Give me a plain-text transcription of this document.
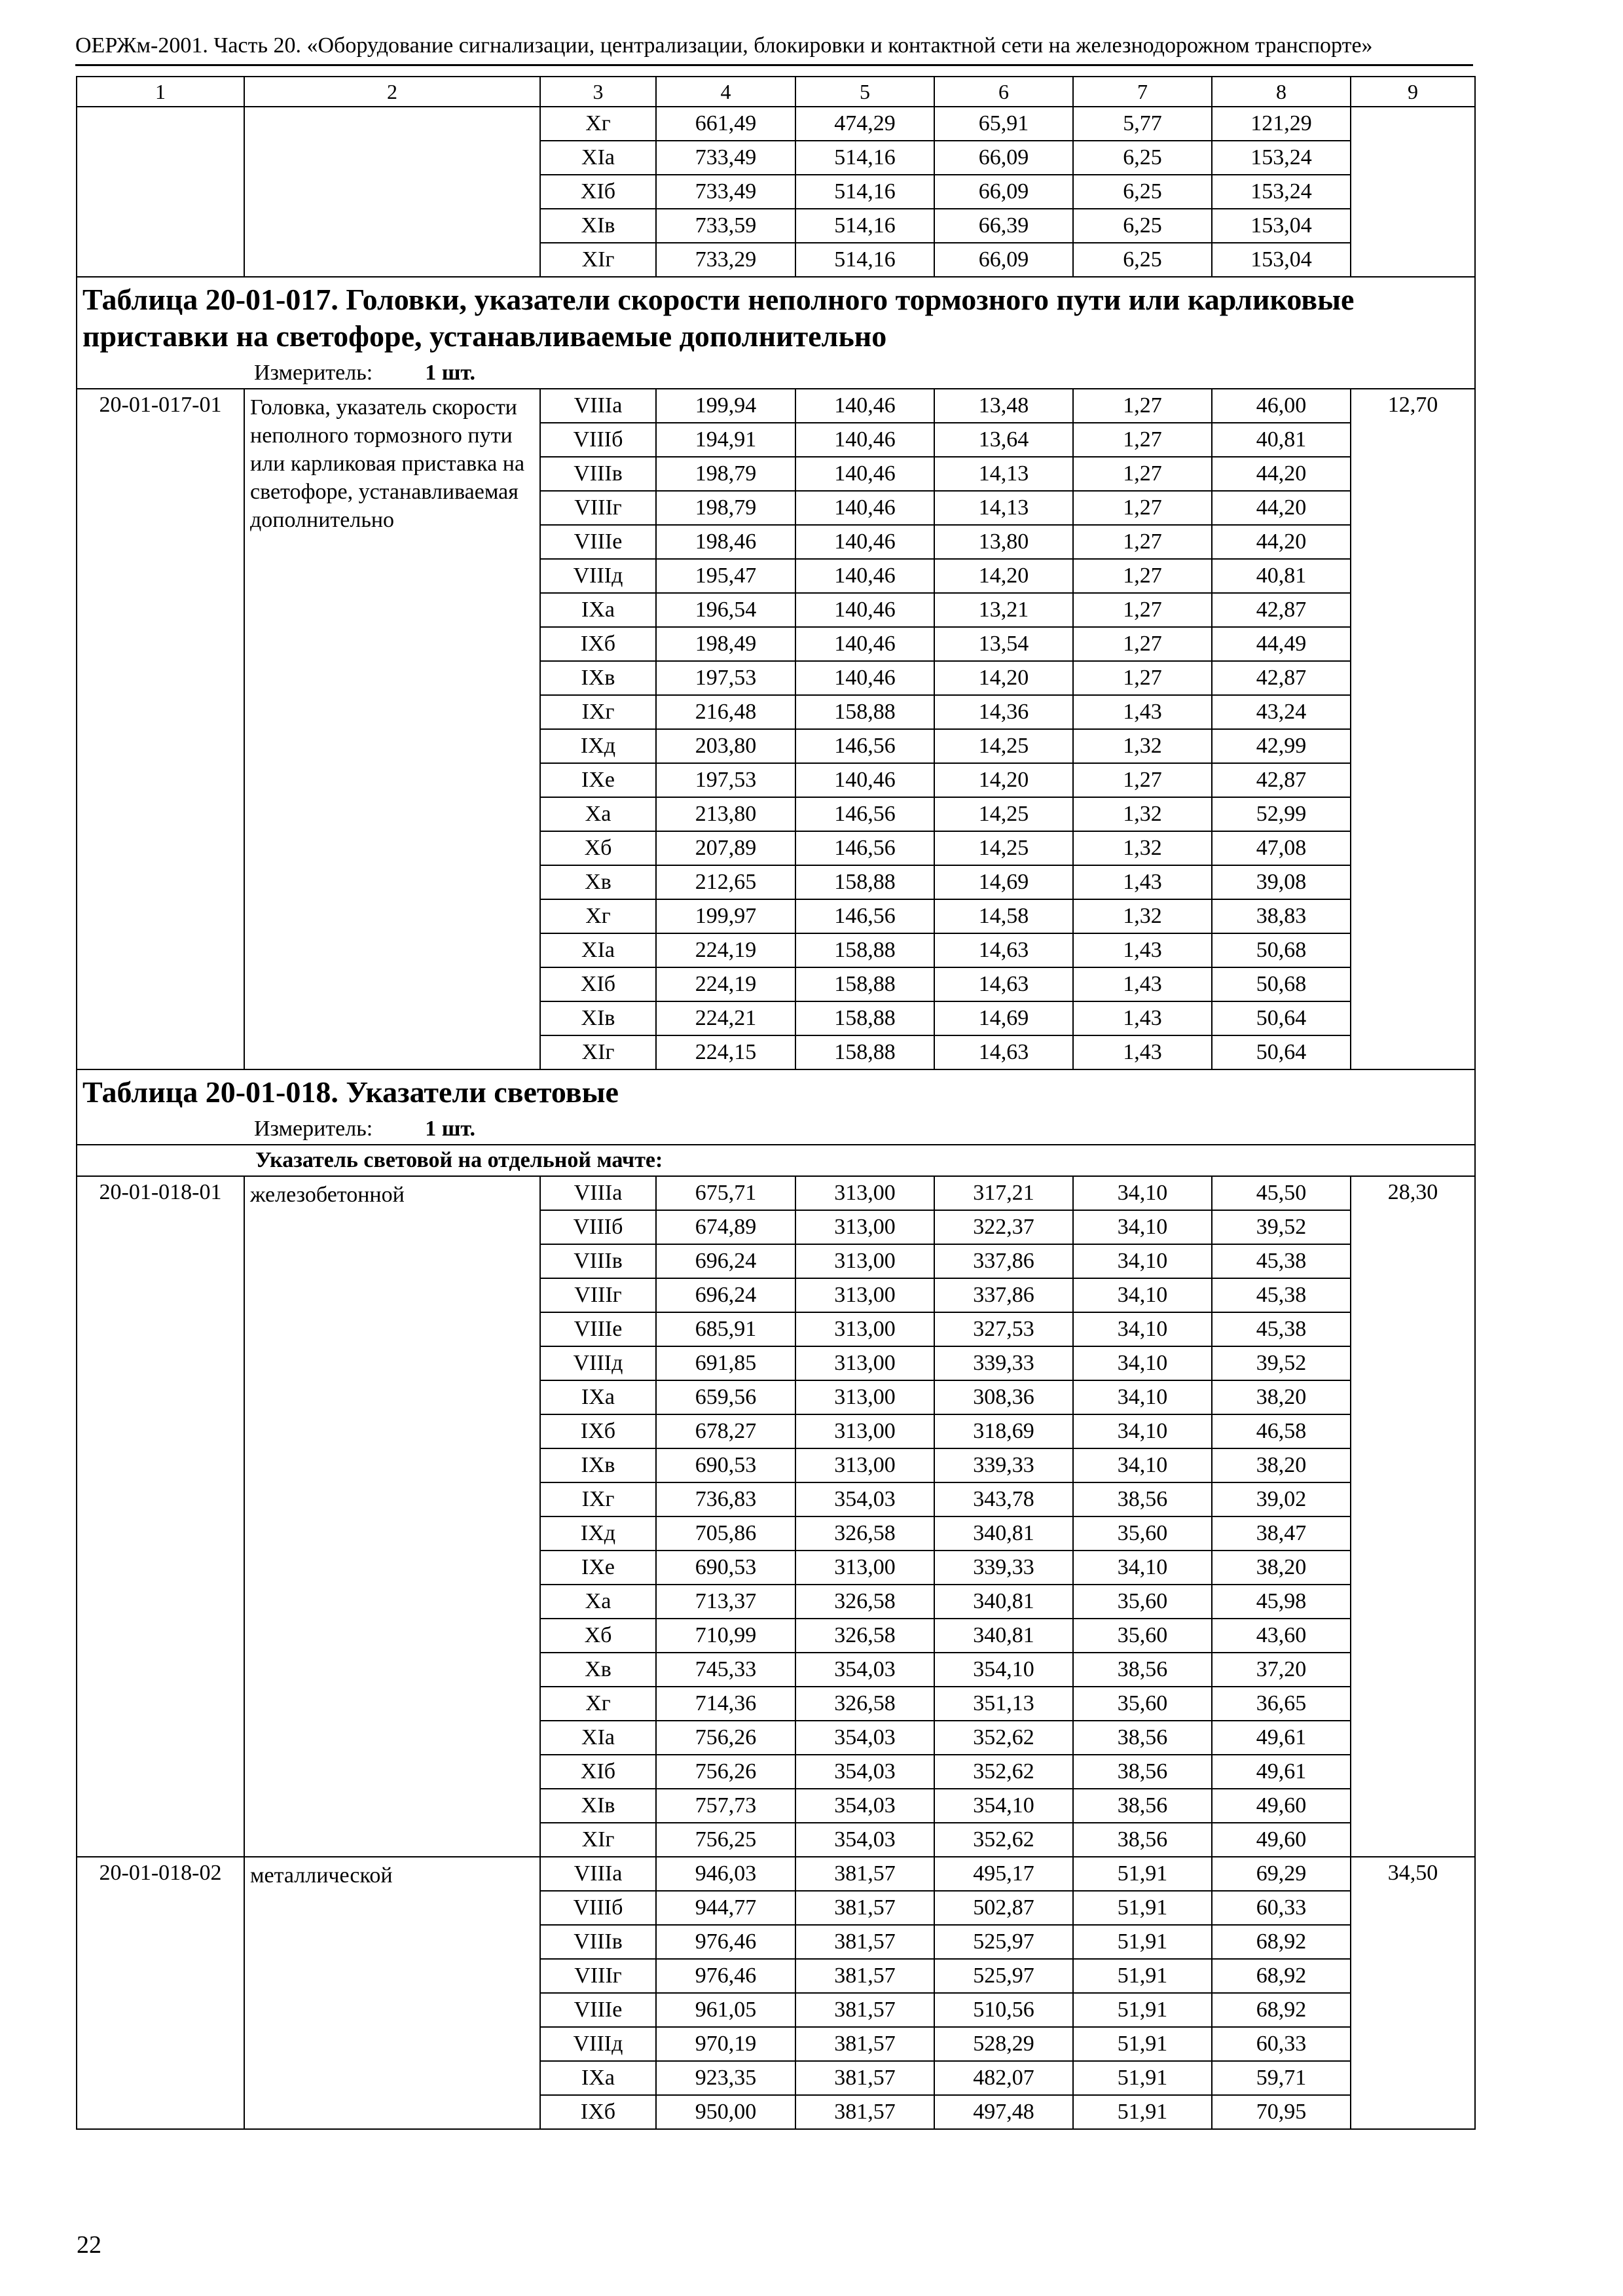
ОЕРЖм-2001. Часть 20. «Оборудование сигнализации, централизации, блокировки и контактной сети на железнодорожном транспорте»
1	2	3	4	5	6	7	8	9
		Хг	661,49	474,29	65,91	5,77	121,29	
		ХIа	733,49	514,16	66,09	6,25	153,24	
		ХIб	733,49	514,16	66,09	6,25	153,24	
		ХIв	733,59	514,16	66,39	6,25	153,04	
		ХIг	733,29	514,16	66,09	6,25	153,04	
Таблица 20-01-017. Головки, указатели скорости неполного тормозного пути или карликовые приставки на светофоре, устанавливаемые дополнительно								
Измеритель: 1 шт.								
20-01-017-01	Головка, указатель скорости неполного тормозного пути или карликовая приставка на светофоре, устанавливаемая дополнительно	VIIIа	199,94	140,46	13,48	1,27	46,00	12,70
		VIIIб	194,91	140,46	13,64	1,27	40,81	
		VIIIв	198,79	140,46	14,13	1,27	44,20	
		VIIIг	198,79	140,46	14,13	1,27	44,20	
		VIIIе	198,46	140,46	13,80	1,27	44,20	
		VIIIд	195,47	140,46	14,20	1,27	40,81	
		IХа	196,54	140,46	13,21	1,27	42,87	
		IХб	198,49	140,46	13,54	1,27	44,49	
		IХв	197,53	140,46	14,20	1,27	42,87	
		IХг	216,48	158,88	14,36	1,43	43,24	
		IХд	203,80	146,56	14,25	1,32	42,99	
		IХе	197,53	140,46	14,20	1,27	42,87	
		Ха	213,80	146,56	14,25	1,32	52,99	
		Хб	207,89	146,56	14,25	1,32	47,08	
		Хв	212,65	158,88	14,69	1,43	39,08	
		Хг	199,97	146,56	14,58	1,32	38,83	
		ХIа	224,19	158,88	14,63	1,43	50,68	
		ХIб	224,19	158,88	14,63	1,43	50,68	
		ХIв	224,21	158,88	14,69	1,43	50,64	
		ХIг	224,15	158,88	14,63	1,43	50,64	
Таблица 20-01-018. Указатели световые								
Измеритель: 1 шт.								
Указатель световой на отдельной мачте:								
20-01-018-01	железобетонной	VIIIа	675,71	313,00	317,21	34,10	45,50	28,30
		VIIIб	674,89	313,00	322,37	34,10	39,52	
		VIIIв	696,24	313,00	337,86	34,10	45,38	
		VIIIг	696,24	313,00	337,86	34,10	45,38	
		VIIIе	685,91	313,00	327,53	34,10	45,38	
		VIIIд	691,85	313,00	339,33	34,10	39,52	
		IХа	659,56	313,00	308,36	34,10	38,20	
		IХб	678,27	313,00	318,69	34,10	46,58	
		IХв	690,53	313,00	339,33	34,10	38,20	
		IХг	736,83	354,03	343,78	38,56	39,02	
		IХд	705,86	326,58	340,81	35,60	38,47	
		IХе	690,53	313,00	339,33	34,10	38,20	
		Ха	713,37	326,58	340,81	35,60	45,98	
		Хб	710,99	326,58	340,81	35,60	43,60	
		Хв	745,33	354,03	354,10	38,56	37,20	
		Хг	714,36	326,58	351,13	35,60	36,65	
		ХIа	756,26	354,03	352,62	38,56	49,61	
		ХIб	756,26	354,03	352,62	38,56	49,61	
		ХIв	757,73	354,03	354,10	38,56	49,60	
		ХIг	756,25	354,03	352,62	38,56	49,60	
20-01-018-02	металлической	VIIIа	946,03	381,57	495,17	51,91	69,29	34,50
		VIIIб	944,77	381,57	502,87	51,91	60,33	
		VIIIв	976,46	381,57	525,97	51,91	68,92	
		VIIIг	976,46	381,57	525,97	51,91	68,92	
		VIIIе	961,05	381,57	510,56	51,91	68,92	
		VIIIд	970,19	381,57	528,29	51,91	60,33	
		IХа	923,35	381,57	482,07	51,91	59,71	
		IХб	950,00	381,57	497,48	51,91	70,95	
22
